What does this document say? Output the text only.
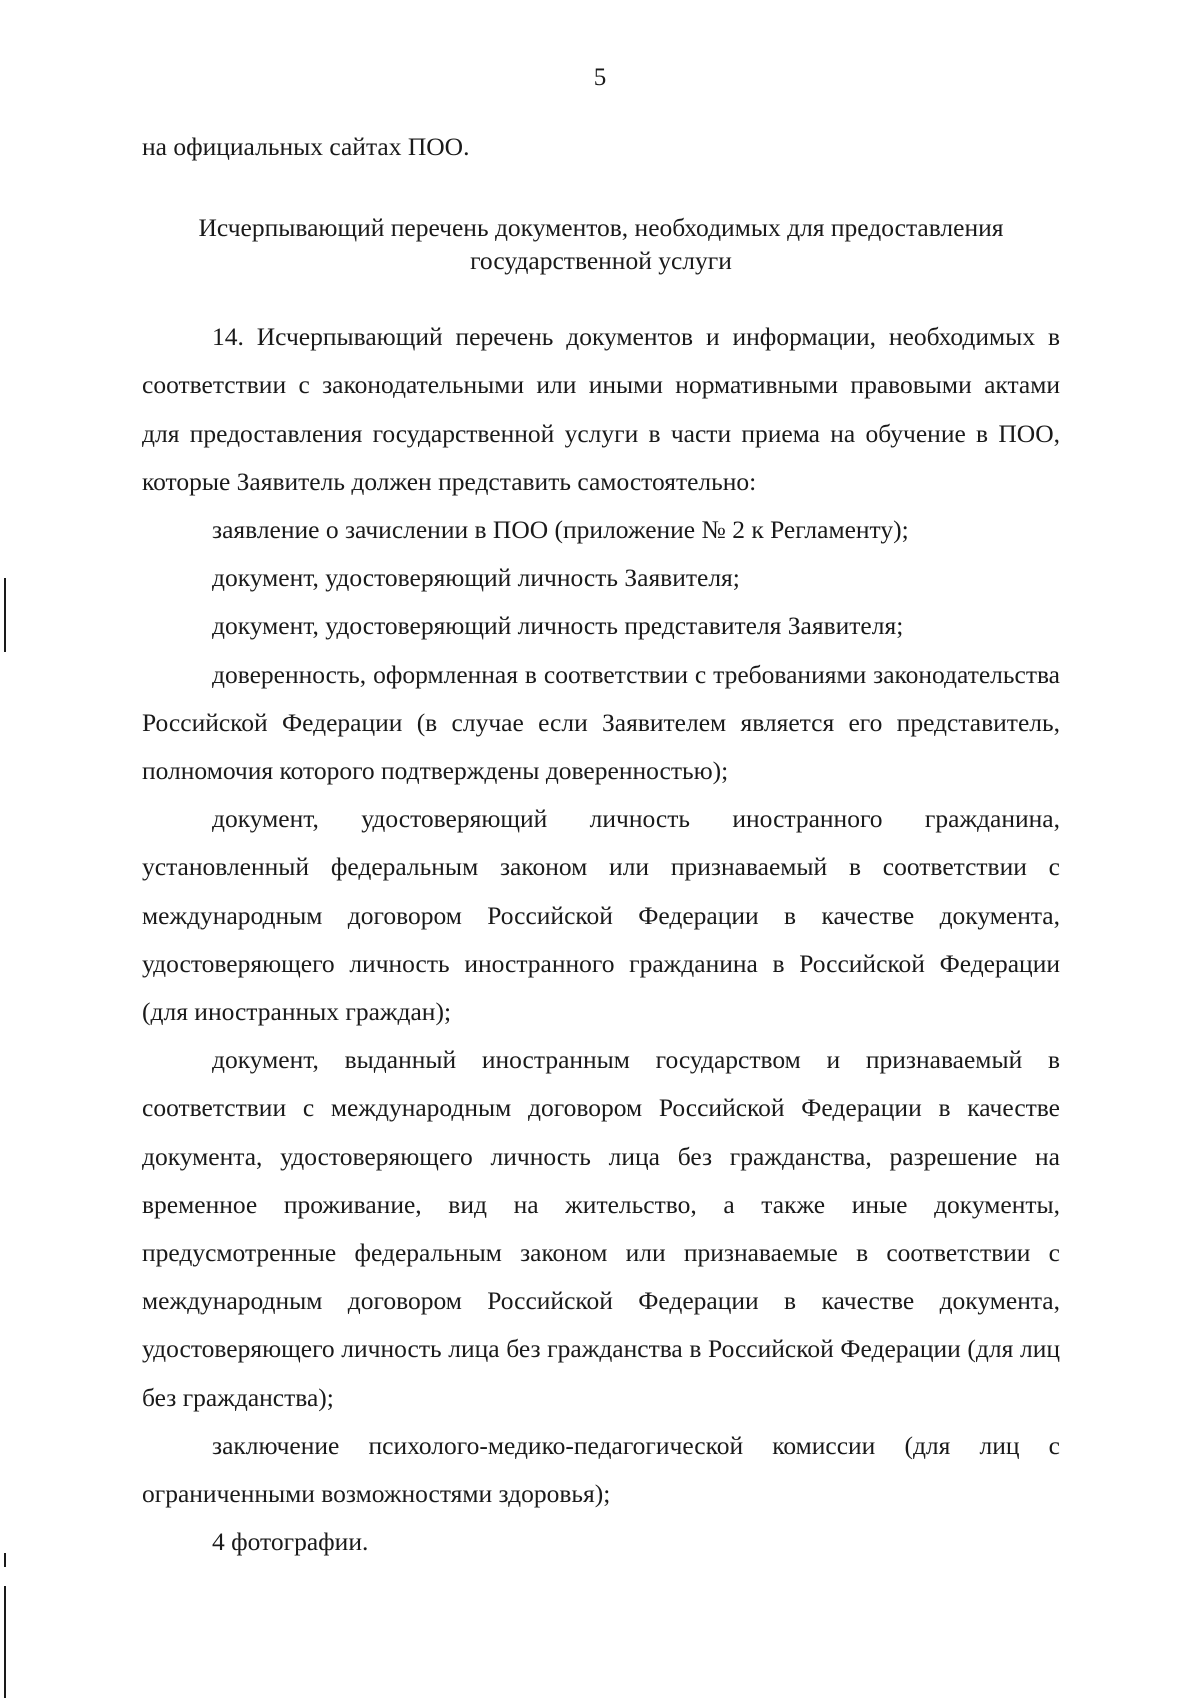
5

на официальных сайтах ПОО.

Исчерпывающий перечень документов, необходимых для предоставления
государственной услуги

14. Исчерпывающий перечень документов и информации, необходимых в соответствии с законодательными или иными нормативными правовыми актами для предоставления государственной услуги в части приема на обучение в ПОО, которые Заявитель должен представить самостоятельно:

заявление о зачислении в ПОО (приложение № 2 к Регламенту);

документ, удостоверяющий личность Заявителя;

документ, удостоверяющий личность представителя Заявителя;

доверенность, оформленная в соответствии с требованиями законодательства Российской Федерации (в случае если Заявителем является его представитель, полномочия которого подтверждены доверенностью);

документ, удостоверяющий личность иностранного гражданина, установленный федеральным законом или признаваемый в соответствии с международным договором Российской Федерации в качестве документа, удостоверяющего личность иностранного гражданина в Российской Федерации (для иностранных граждан);

документ, выданный иностранным государством и признаваемый в соответствии с международным договором Российской Федерации в качестве документа, удостоверяющего личность лица без гражданства, разрешение на временное проживание, вид на жительство, а также иные документы, предусмотренные федеральным законом или признаваемые в соответствии с международным договором Российской Федерации в качестве документа, удостоверяющего личность лица без гражданства в Российской Федерации (для лиц без гражданства);

заключение психолого-медико-педагогической комиссии (для лиц с ограниченными возможностями здоровья);

4 фотографии.
